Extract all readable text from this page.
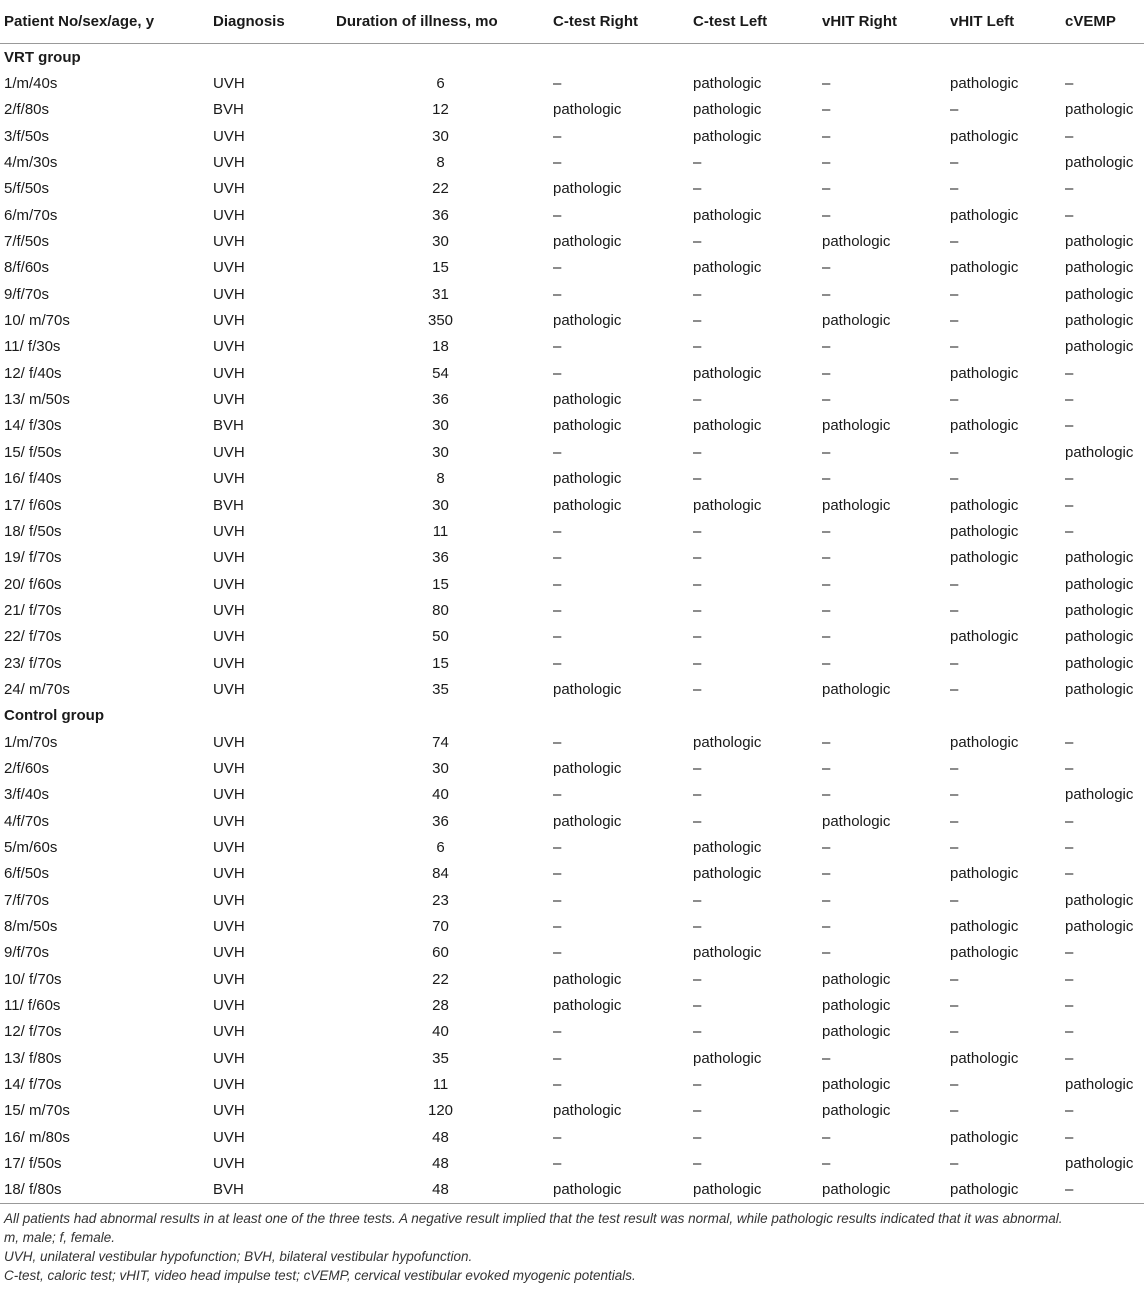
Patient No/sex/age, y	Diagnosis	Duration of illness, mo	C-test Right	C-test Left	vHIT Right	vHIT Left	cVEMP
VRT group							
1/m/40s	UVH	6	–	pathologic	–	pathologic	–
2/f/80s	BVH	12	pathologic	pathologic	–	–	pathologic
3/f/50s	UVH	30	–	pathologic	–	pathologic	–
4/m/30s	UVH	8	–	–	–	–	pathologic
5/f/50s	UVH	22	pathologic	–	–	–	–
6/m/70s	UVH	36	–	pathologic	–	pathologic	–
7/f/50s	UVH	30	pathologic	–	pathologic	–	pathologic
8/f/60s	UVH	15	–	pathologic	–	pathologic	pathologic
9/f/70s	UVH	31	–	–	–	–	pathologic
10/ m/70s	UVH	350	pathologic	–	pathologic	–	pathologic
11/ f/30s	UVH	18	–	–	–	–	pathologic
12/ f/40s	UVH	54	–	pathologic	–	pathologic	–
13/ m/50s	UVH	36	pathologic	–	–	–	–
14/ f/30s	BVH	30	pathologic	pathologic	pathologic	pathologic	–
15/ f/50s	UVH	30	–	–	–	–	pathologic
16/ f/40s	UVH	8	pathologic	–	–	–	–
17/ f/60s	BVH	30	pathologic	pathologic	pathologic	pathologic	–
18/ f/50s	UVH	11	–	–	–	pathologic	–
19/ f/70s	UVH	36	–	–	–	pathologic	pathologic
20/ f/60s	UVH	15	–	–	–	–	pathologic
21/ f/70s	UVH	80	–	–	–	–	pathologic
22/ f/70s	UVH	50	–	–	–	pathologic	pathologic
23/ f/70s	UVH	15	–	–	–	–	pathologic
24/ m/70s	UVH	35	pathologic	–	pathologic	–	pathologic
Control group							
1/m/70s	UVH	74	–	pathologic	–	pathologic	–
2/f/60s	UVH	30	pathologic	–	–	–	–
3/f/40s	UVH	40	–	–	–	–	pathologic
4/f/70s	UVH	36	pathologic	–	pathologic	–	–
5/m/60s	UVH	6	–	pathologic	–	–	–
6/f/50s	UVH	84	–	pathologic	–	pathologic	–
7/f/70s	UVH	23	–	–	–	–	pathologic
8/m/50s	UVH	70	–	–	–	pathologic	pathologic
9/f/70s	UVH	60	–	pathologic	–	pathologic	–
10/ f/70s	UVH	22	pathologic	–	pathologic	–	–
11/ f/60s	UVH	28	pathologic	–	pathologic	–	–
12/ f/70s	UVH	40	–	–	pathologic	–	–
13/ f/80s	UVH	35	–	pathologic	–	pathologic	–
14/ f/70s	UVH	11	–	–	pathologic	–	pathologic
15/ m/70s	UVH	120	pathologic	–	pathologic	–	–
16/ m/80s	UVH	48	–	–	–	pathologic	–
17/ f/50s	UVH	48	–	–	–	–	pathologic
18/ f/80s	BVH	48	pathologic	pathologic	pathologic	pathologic	–
All patients had abnormal results in at least one of the three tests. A negative result implied that the test result was normal, while pathologic results indicated that it was abnormal.
m, male; f, female.
UVH, unilateral vestibular hypofunction; BVH, bilateral vestibular hypofunction.
C-test, caloric test; vHIT, video head impulse test; cVEMP, cervical vestibular evoked myogenic potentials.
